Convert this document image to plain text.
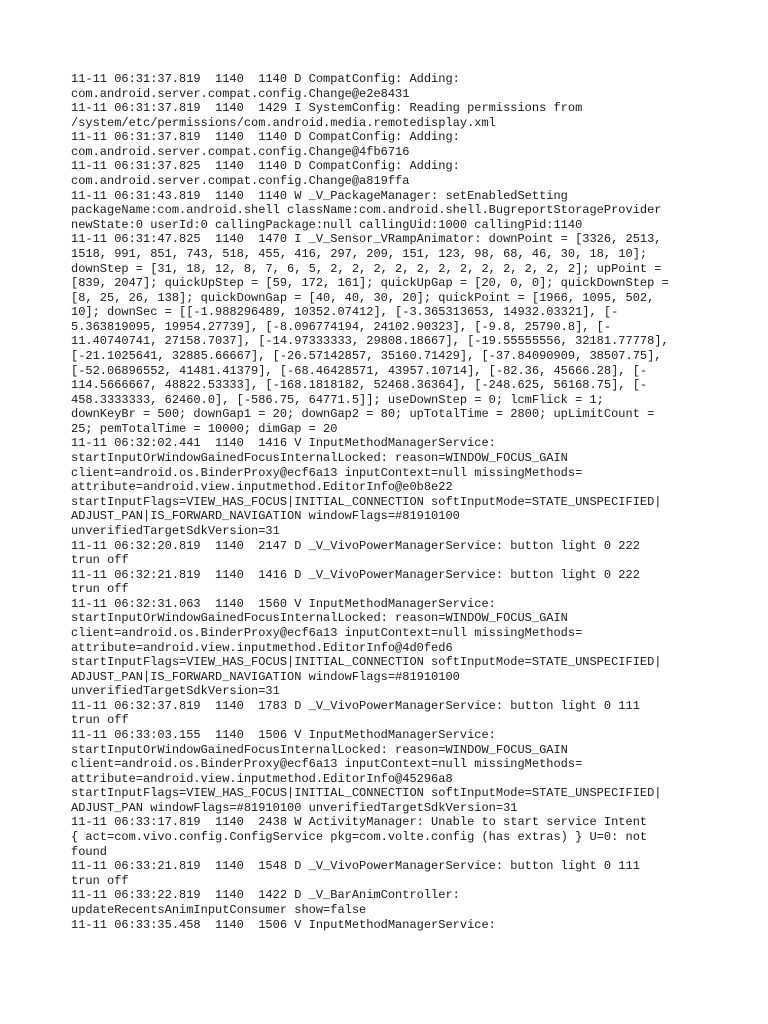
11-11 06:31:37.819  1140  1140 D CompatConfig: Adding:
com.android.server.compat.config.Change@e2e8431
11-11 06:31:37.819  1140  1429 I SystemConfig: Reading permissions from
/system/etc/permissions/com.android.media.remotedisplay.xml
11-11 06:31:37.819  1140  1140 D CompatConfig: Adding:
com.android.server.compat.config.Change@4fb6716
11-11 06:31:37.825  1140  1140 D CompatConfig: Adding:
com.android.server.compat.config.Change@a819ffa
11-11 06:31:43.819  1140  1140 W _V_PackageManager: setEnabledSetting
packageName:com.android.shell className:com.android.shell.BugreportStorageProvider
newState:0 userId:0 callingPackage:null callingUid:1000 callingPid:1140
11-11 06:31:47.825  1140  1470 I _V_Sensor_VRampAnimator: downPoint = [3326, 2513,
1518, 991, 851, 743, 518, 455, 416, 297, 209, 151, 123, 98, 68, 46, 30, 18, 10];
downStep = [31, 18, 12, 8, 7, 6, 5, 2, 2, 2, 2, 2, 2, 2, 2, 2, 2, 2, 2]; upPoint =
[839, 2047]; quickUpStep = [59, 172, 161]; quickUpGap = [20, 0, 0]; quickDownStep =
[8, 25, 26, 138]; quickDownGap = [40, 40, 30, 20]; quickPoint = [1966, 1095, 502,
10]; downSec = [[-1.988296489, 10352.07412], [-3.365313653, 14932.03321], [-
5.363819095, 19954.27739], [-8.096774194, 24102.90323], [-9.8, 25790.8], [-
11.40740741, 27158.7037], [-14.97333333, 29808.18667], [-19.55555556, 32181.77778],
[-21.1025641, 32885.66667], [-26.57142857, 35160.71429], [-37.84090909, 38507.75],
[-52.06896552, 41481.41379], [-68.46428571, 43957.10714], [-82.36, 45666.28], [-
114.5666667, 48822.53333], [-168.1818182, 52468.36364], [-248.625, 56168.75], [-
458.3333333, 62460.0], [-586.75, 64771.5]]; useDownStep = 0; lcmFlick = 1;
downKeyBr = 500; downGap1 = 20; downGap2 = 80; upTotalTime = 2800; upLimitCount =
25; pemTotalTime = 10000; dimGap = 20
11-11 06:32:02.441  1140  1416 V InputMethodManagerService:
startInputOrWindowGainedFocusInternalLocked: reason=WINDOW_FOCUS_GAIN
client=android.os.BinderProxy@ecf6a13 inputContext=null missingMethods=
attribute=android.view.inputmethod.EditorInfo@e0b8e22
startInputFlags=VIEW_HAS_FOCUS|INITIAL_CONNECTION softInputMode=STATE_UNSPECIFIED|
ADJUST_PAN|IS_FORWARD_NAVIGATION windowFlags=#81910100
unverifiedTargetSdkVersion=31
11-11 06:32:20.819  1140  2147 D _V_VivoPowerManagerService: button light 0 222
trun off
11-11 06:32:21.819  1140  1416 D _V_VivoPowerManagerService: button light 0 222
trun off
11-11 06:32:31.063  1140  1560 V InputMethodManagerService:
startInputOrWindowGainedFocusInternalLocked: reason=WINDOW_FOCUS_GAIN
client=android.os.BinderProxy@ecf6a13 inputContext=null missingMethods=
attribute=android.view.inputmethod.EditorInfo@4d0fed6
startInputFlags=VIEW_HAS_FOCUS|INITIAL_CONNECTION softInputMode=STATE_UNSPECIFIED|
ADJUST_PAN|IS_FORWARD_NAVIGATION windowFlags=#81910100
unverifiedTargetSdkVersion=31
11-11 06:32:37.819  1140  1783 D _V_VivoPowerManagerService: button light 0 111
trun off
11-11 06:33:03.155  1140  1506 V InputMethodManagerService:
startInputOrWindowGainedFocusInternalLocked: reason=WINDOW_FOCUS_GAIN
client=android.os.BinderProxy@ecf6a13 inputContext=null missingMethods=
attribute=android.view.inputmethod.EditorInfo@45296a8
startInputFlags=VIEW_HAS_FOCUS|INITIAL_CONNECTION softInputMode=STATE_UNSPECIFIED|
ADJUST_PAN windowFlags=#81910100 unverifiedTargetSdkVersion=31
11-11 06:33:17.819  1140  2438 W ActivityManager: Unable to start service Intent
{ act=com.vivo.config.ConfigService pkg=com.volte.config (has extras) } U=0: not
found
11-11 06:33:21.819  1140  1548 D _V_VivoPowerManagerService: button light 0 111
trun off
11-11 06:33:22.819  1140  1422 D _V_BarAnimController:
updateRecentsAnimInputConsumer show=false
11-11 06:33:35.458  1140  1506 V InputMethodManagerService:
